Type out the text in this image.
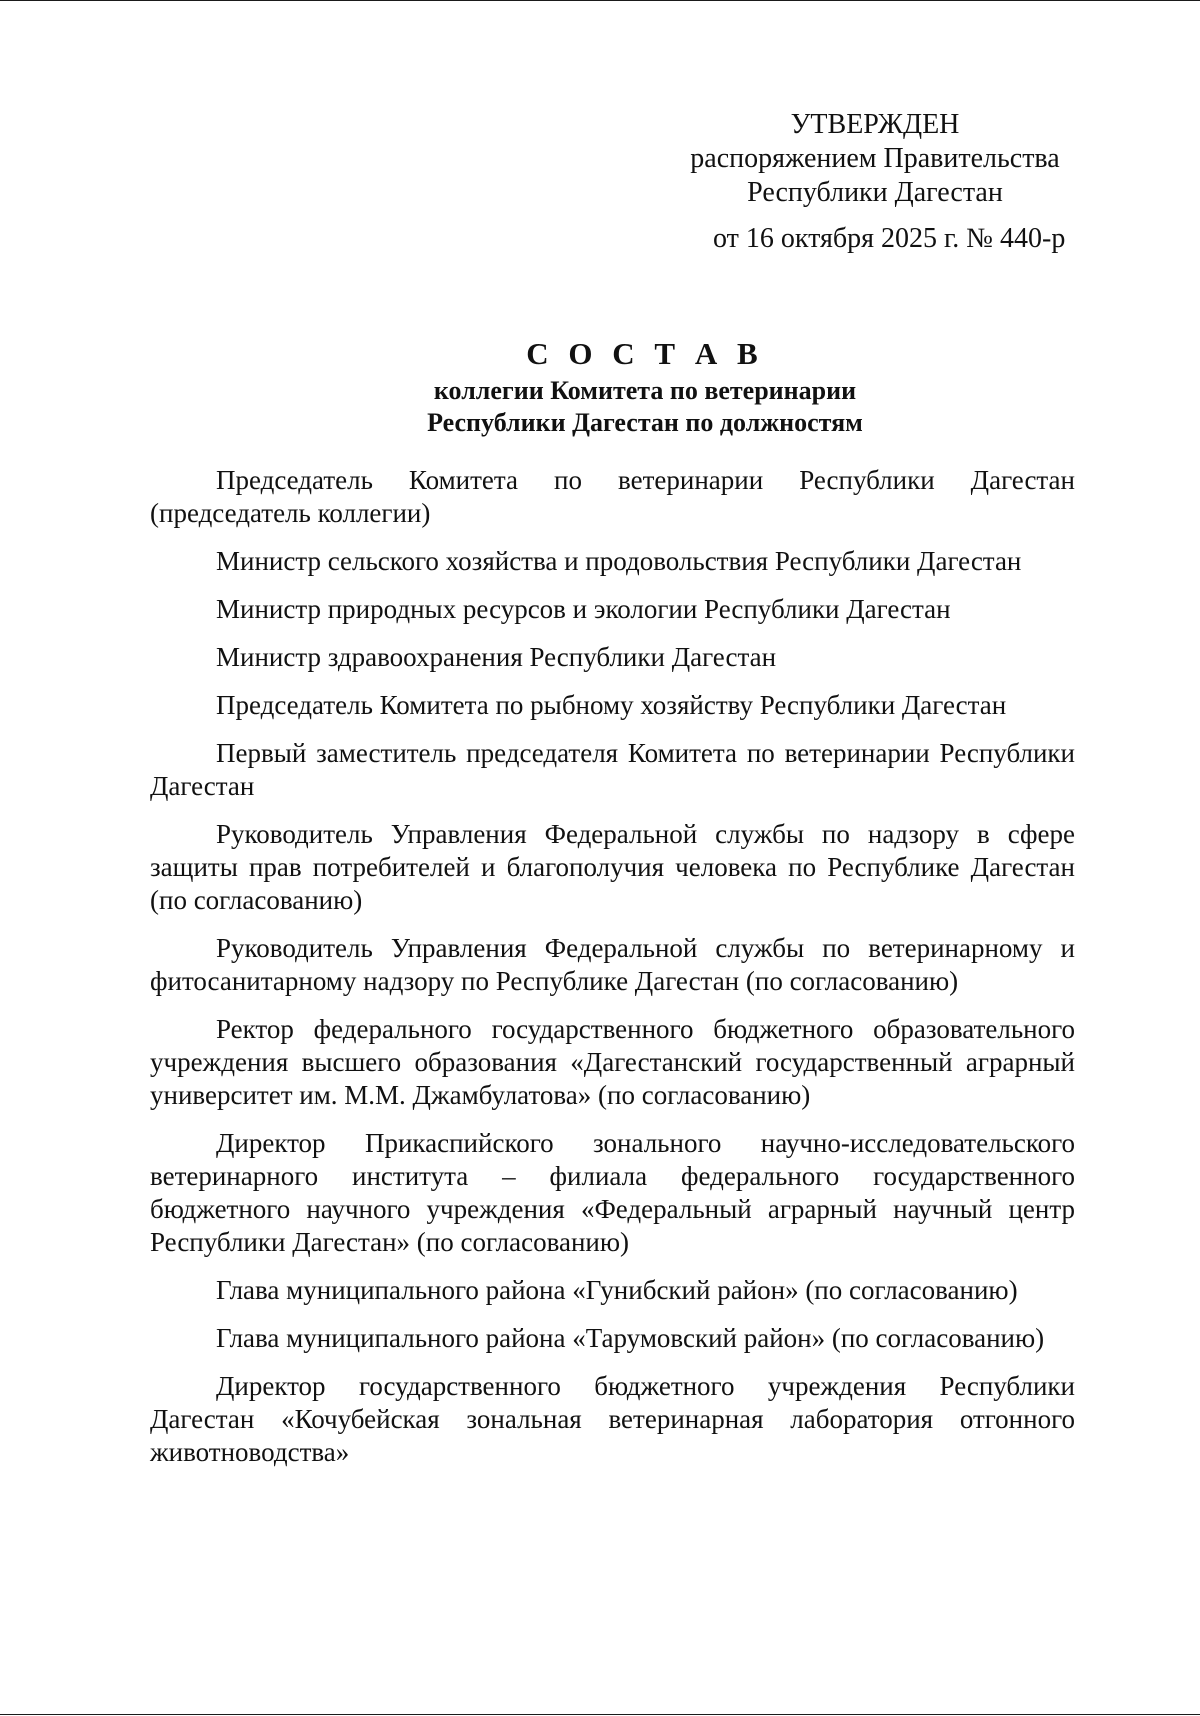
УТВЕРЖДЕН
распоряжением Правительства
Республики Дагестан
от 16 октября 2025 г. № 440-р
С О С Т А В
коллегии Комитета по ветеринарии
Республики Дагестан по должностям

Председатель Комитета по ветеринарии Республики Дагестан (председатель коллегии)

Министр сельского хозяйства и продовольствия Республики Дагестан

Министр природных ресурсов и экологии Республики Дагестан

Министр здравоохранения Республики Дагестан

Председатель Комитета по рыбному хозяйству Республики Дагестан

Первый заместитель председателя Комитета по ветеринарии Республики Дагестан

Руководитель Управления Федеральной службы по надзору в сфере защиты прав потребителей и благополучия человека по Республике Дагестан (по согласованию)

Руководитель Управления Федеральной службы по ветеринарному и фитосанитарному надзору по Республике Дагестан (по согласованию)

Ректор федерального государственного бюджетного образовательного учреждения высшего образования «Дагестанский государственный аграрный университет им. М.М. Джамбулатова» (по согласованию)

Директор Прикаспийского зонального научно-исследовательского ветеринарного института – филиала федерального государственного бюджетного научного учреждения «Федеральный аграрный научный центр Республики Дагестан» (по согласованию)

Глава муниципального района «Гунибский район» (по согласованию)

Глава муниципального района «Тарумовский район» (по согласованию)

Директор государственного бюджетного учреждения Республики Дагестан «Кочубейская зональная ветеринарная лаборатория отгонного животноводства»
